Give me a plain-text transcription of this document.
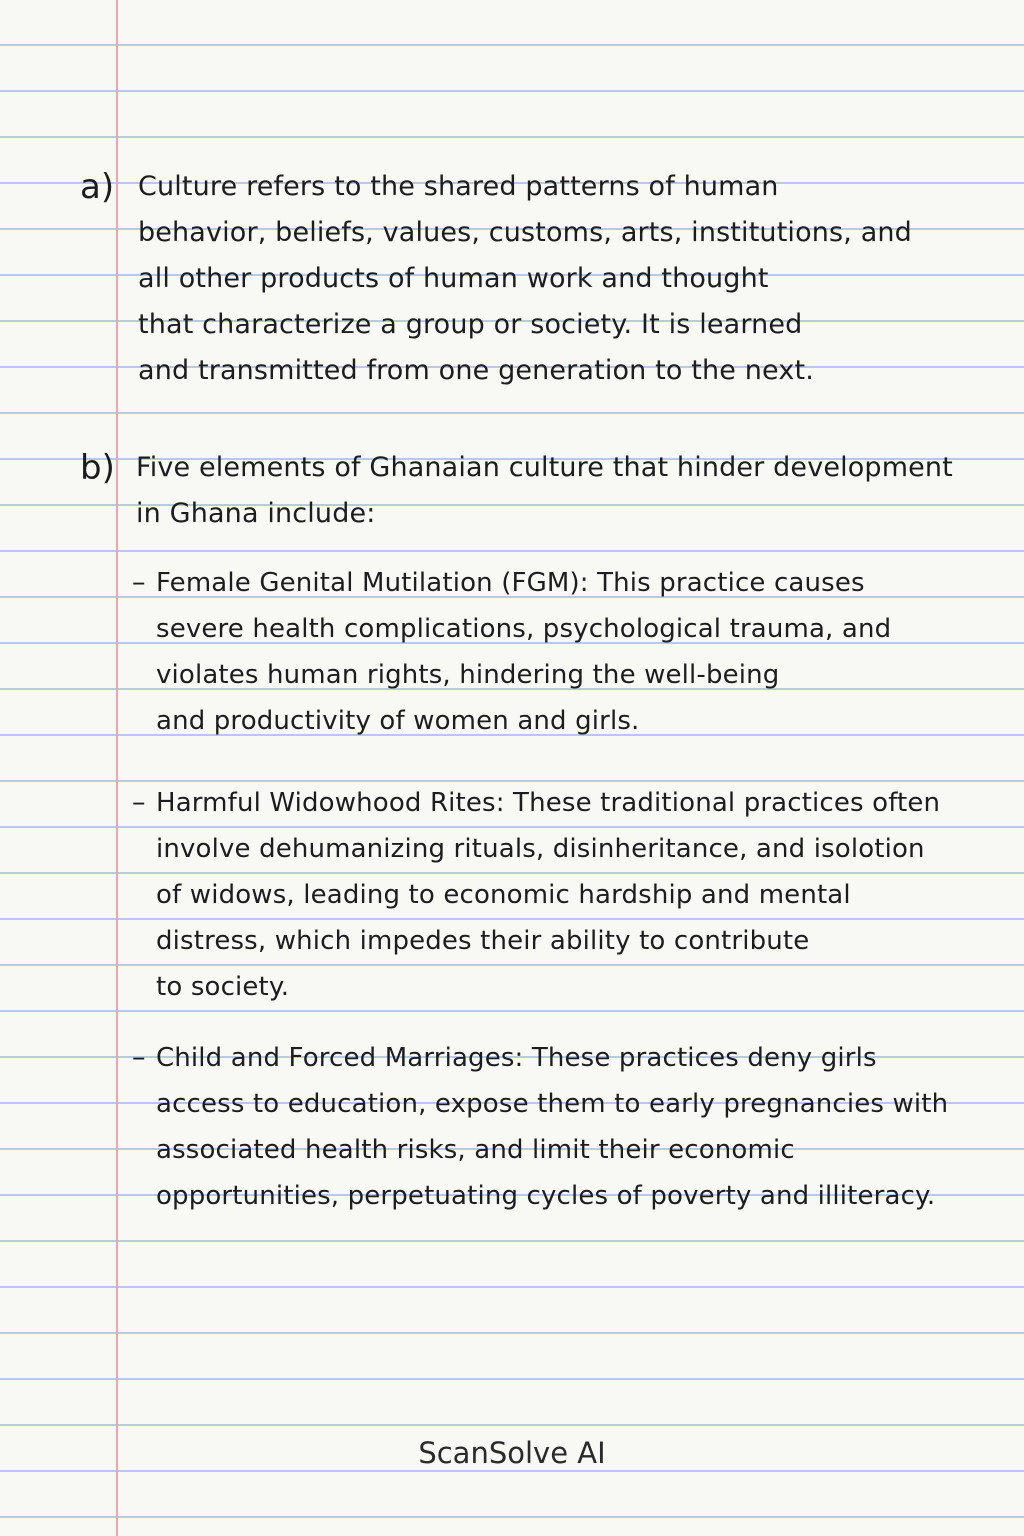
a) Culture refers to the shared patterns of human
behavior, beliefs, values, customs, arts, institutions, and
all other products of human work and thought
that characterize a group or society. It is learned
and transmitted from one generation to the next.

b) Five elements of Ghanaian culture that hinder development
in Ghana include:

– Female Genital Mutilation (FGM): This practice causes
severe health complications, psychological trauma, and
violates human rights, hindering the well-being
and productivity of women and girls.

– Harmful Widowhood Rites: These traditional practices often
involve dehumanizing rituals, disinheritance, and isolotion
of widows, leading to economic hardship and mental
distress, which impedes their ability to contribute
to society.

– Child and Forced Marriages: These practices deny girls
access to education, expose them to early pregnancies with
associated health risks, and limit their economic
opportunities, perpetuating cycles of poverty and illiteracy.

ScanSolve AI
